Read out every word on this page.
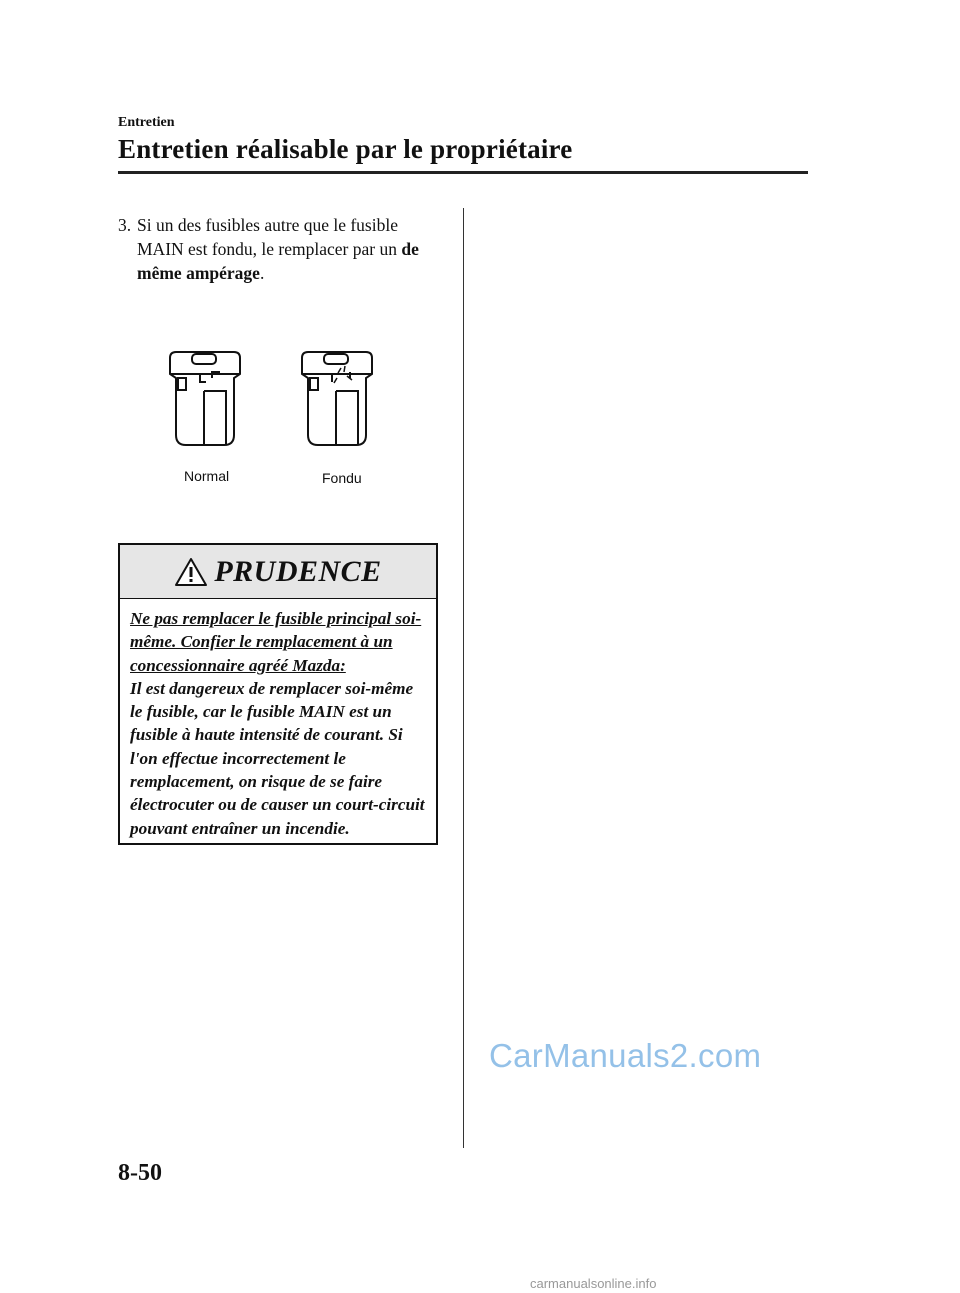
Entretien
Entretien réalisable par le propriétaire
3. Si un des fusibles autre que le fusible MAIN est fondu, le remplacer par un de même ampérage.
Normal	Fondu
PRUDENCE
Ne pas remplacer le fusible principal soi-même. Confier le remplacement à un concessionnaire agréé Mazda:
Il est dangereux de remplacer soi-même le fusible, car le fusible MAIN est un fusible à haute intensité de courant. Si l'on effectue incorrectement le remplacement, on risque de se faire électrocuter ou de causer un court-circuit pouvant entraîner un incendie.
CarManuals2.com
8-50
carmanualsonline.info
